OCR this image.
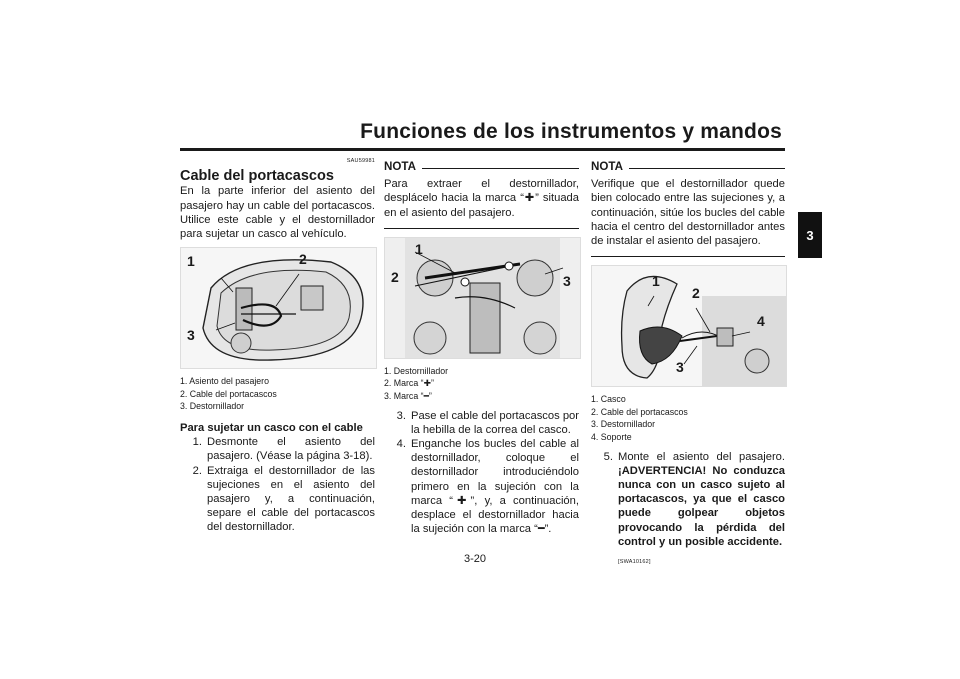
Funciones de los instrumentos y mandos
3
SAU59981
Cable del portacascos

En la parte inferior del asiento del pasajero hay un cable del portacascos. Utilice este cable y el destornillador para sujetar un casco al vehículo.

1	2
3
1. Asiento del pasajero
2. Cable del portacascos
3. Destornillador
Para sujetar un casco con el cable
1. Desmonte el asiento del pasajero. (Véase la página 3-18).
2. Extraiga el destornillador de las sujeciones en el asiento del pasajero y, a continuación, separe el cable del portacascos del destornillador.
NOTA

Para extraer el destornillador, desplácelo hacia la marca “✚” situada en el asiento del pasajero.

1
2	3
1. Destornillador
2. Marca “✚”
3. Marca “━”
3. Pase el cable del portacascos por la hebilla de la correa del casco.
4. Enganche los bucles del cable al destornillador, coloque el destornillador introduciéndolo primero en la sujeción con la marca “✚”, y, a continuación, desplace el destornillador hacia la sujeción con la marca “━”.
NOTA

Verifique que el destornillador quede bien colocado entre las sujeciones y, a continuación, sitúe los bucles del cable hacia el centro del destornillador antes de instalar el asiento del pasajero.

1
2
4
3
1. Casco
2. Cable del portacascos
3. Destornillador
4. Soporte
5. Monte el asiento del pasajero. ¡ADVERTENCIA! No conduzca nunca con un casco sujeto al portacascos, ya que el casco puede golpear objetos provocando la pérdida del control y un posible accidente.
[SWA10162]
3-20
